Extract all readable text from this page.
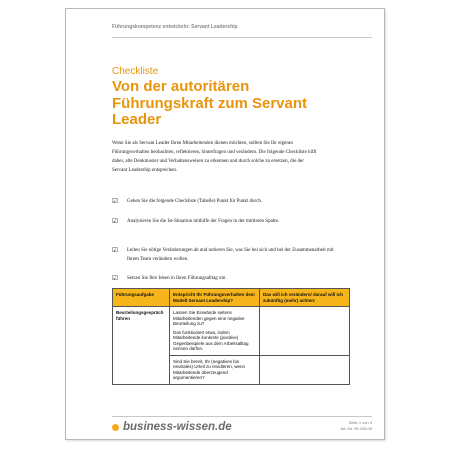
Führungskompetenz entwickeln: Servant Leadership
Checkliste
Von der autoritären Führungskraft zum Servant Leader
Wenn Sie als Servant Leader Ihren Mitarbeitenden dienen möchten, sollten Sie Ihr eigenes Führungsverhalten beobachten, reflektieren, hinterfragen und verändern. Die folgende Checkliste hilft dabei, alte Denkmuster und Verhaltensweisen zu erkennen und durch solche zu ersetzen, die der Servant Leadership entsprechen.
☑ Gehen Sie die folgende Checkliste (Tabelle) Punkt für Punkt durch.
☑ Analysieren Sie die Ist-Situation mithilfe der Fragen in der mittleren Spalte.
☑ Leiten Sie nötige Veränderungen ab und notieren Sie, was Sie bei sich und bei der Zusammenarbeit mit Ihrem Team verändern wollen.
☑ Setzen Sie Ihre Ideen in Ihren Führungsalltag um.
Führungsaufgabe	Entspricht Ihr Führungsverhalten dem Modell Servant Leadership?	Das will ich verändern/ darauf will ich zukünftig (mehr) achten:
Beurteilungsgespräch führen	Lassen Sie Einwände seitens Mitarbeitenden gegen eine negative Beurteilung zu?
Das funktioniert etwa, indem Mitarbeitende konkrete (positive) Gegenbeispiele aus dem Arbeitsalltag nennen dürfen.	

	Sind Sie bereit, Ihr (negatives bis neutrales) Urteil zu revidieren, wenn Mitarbeitende überzeugend argumentieren?	

business-wissen.de	Seite 1 von 3
Art.-Nr. 99.105.09
